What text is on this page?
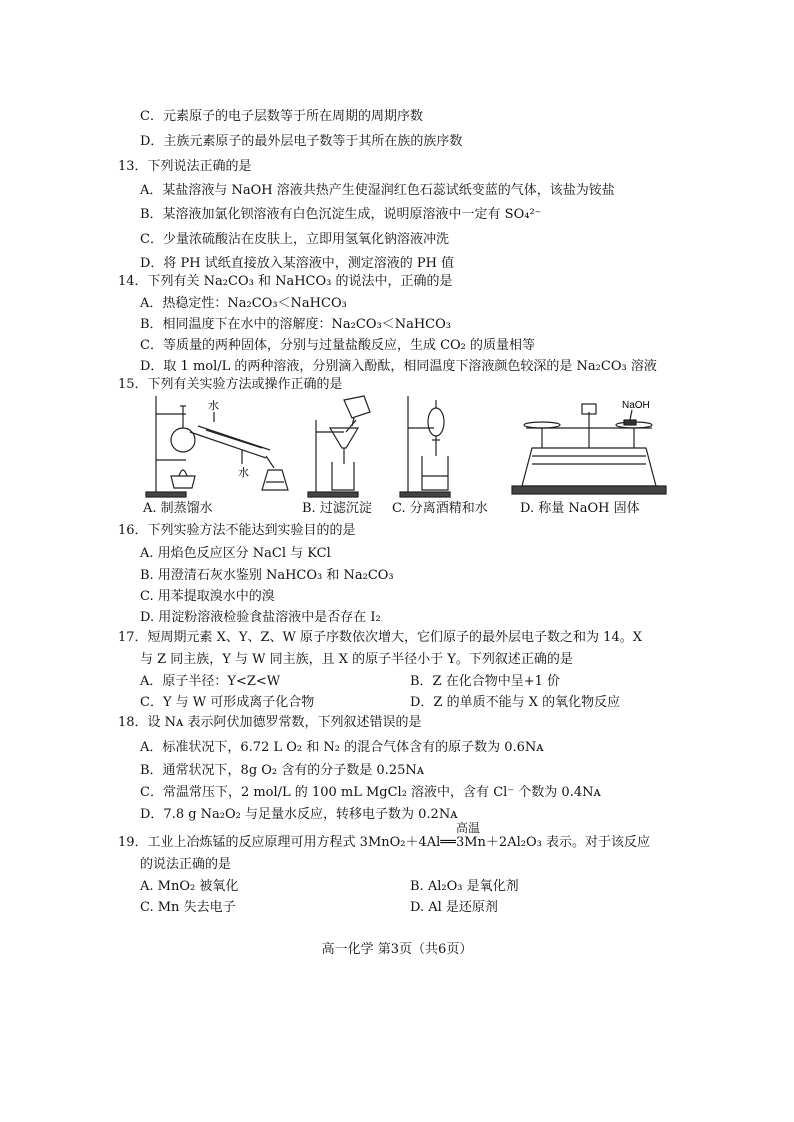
C．元素原子的电子层数等于所在周期的周期序数
D．主族元素原子的最外层电子数等于其所在族的族序数
13．下列说法正确的是
A．某盐溶液与 NaOH 溶液共热产生使湿润红色石蕊试纸变蓝的气体，该盐为铵盐
B．某溶液加氯化钡溶液有白色沉淀生成，说明原溶液中一定有 SO₄²⁻
C．少量浓硫酸沾在皮肤上，立即用氢氧化钠溶液冲洗
D．将 PH 试纸直接放入某溶液中，测定溶液的 PH 值
14．下列有关 Na₂CO₃ 和 NaHCO₃ 的说法中，正确的是
A．热稳定性：Na₂CO₃＜NaHCO₃
B．相同温度下在水中的溶解度：Na₂CO₃＜NaHCO₃
C．等质量的两种固体，分别与过量盐酸反应，生成 CO₂ 的质量相等
D．取 1 mol/L 的两种溶液，分别滴入酚酞，相同温度下溶液颜色较深的是 Na₂CO₃ 溶液
15．下列有关实验方法或操作正确的是
水
水
NaOH
A. 制蒸馏水	B. 过滤沉淀 C. 分离酒精和水 D. 称量 NaOH 固体
16．下列实验方法不能达到实验目的的是
A. 用焰色反应区分 NaCl 与 KCl
B. 用澄清石灰水鉴别 NaHCO₃ 和 Na₂CO₃
C. 用苯提取溴水中的溴
D. 用淀粉溶液检验食盐溶液中是否存在 I₂
17．短周期元素 X、Y、Z、W 原子序数依次增大，它们原子的最外层电子数之和为 14。X
与 Z 同主族，Y 与 W 同主族，且 X 的原子半径小于 Y。下列叙述正确的是
A．原子半径：Y<Z<W	B．Z 在化合物中呈+1 价
C．Y 与 W 可形成离子化合物	D．Z 的单质不能与 X 的氧化物反应
18．设 Nᴀ 表示阿伏加德罗常数，下列叙述错误的是
A．标准状况下，6.72 L O₂ 和 N₂ 的混合气体含有的原子数为 0.6Nᴀ
B．通常状况下，8g O₂ 含有的分子数是 0.25Nᴀ
C．常温常压下，2 mol/L 的 100 mL MgCl₂ 溶液中，含有 Cl⁻ 个数为 0.4Nᴀ
D．7.8 g Na₂O₂ 与足量水反应，转移电子数为 0.2Nᴀ
高温
19．工业上冶炼锰的反应原理可用方程式 3MnO₂＋4Al══3Mn＋2Al₂O₃ 表示。对于该反应
的说法正确的是
A. MnO₂ 被氧化	B. Al₂O₃ 是氧化剂
C. Mn 失去电子	D. Al 是还原剂
高一化学 第3页（共6页）
